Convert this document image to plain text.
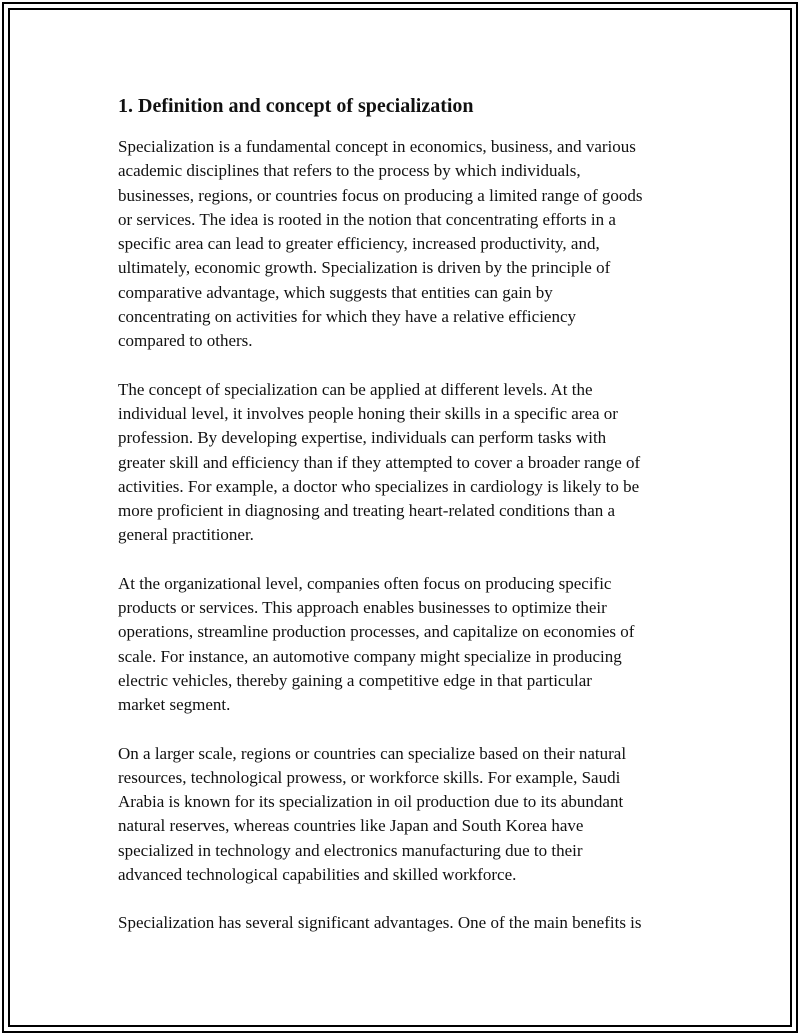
1. Definition and concept of specialization

Specialization is a fundamental concept in economics, business, and various
academic disciplines that refers to the process by which individuals,
businesses, regions, or countries focus on producing a limited range of goods
or services. The idea is rooted in the notion that concentrating efforts in a
specific area can lead to greater efficiency, increased productivity, and,
ultimately, economic growth. Specialization is driven by the principle of
comparative advantage, which suggests that entities can gain by
concentrating on activities for which they have a relative efficiency
compared to others.

The concept of specialization can be applied at different levels. At the
individual level, it involves people honing their skills in a specific area or
profession. By developing expertise, individuals can perform tasks with
greater skill and efficiency than if they attempted to cover a broader range of
activities. For example, a doctor who specializes in cardiology is likely to be
more proficient in diagnosing and treating heart-related conditions than a
general practitioner.

At the organizational level, companies often focus on producing specific
products or services. This approach enables businesses to optimize their
operations, streamline production processes, and capitalize on economies of
scale. For instance, an automotive company might specialize in producing
electric vehicles, thereby gaining a competitive edge in that particular
market segment.

On a larger scale, regions or countries can specialize based on their natural
resources, technological prowess, or workforce skills. For example, Saudi
Arabia is known for its specialization in oil production due to its abundant
natural reserves, whereas countries like Japan and South Korea have
specialized in technology and electronics manufacturing due to their
advanced technological capabilities and skilled workforce.

Specialization has several significant advantages. One of the main benefits is
